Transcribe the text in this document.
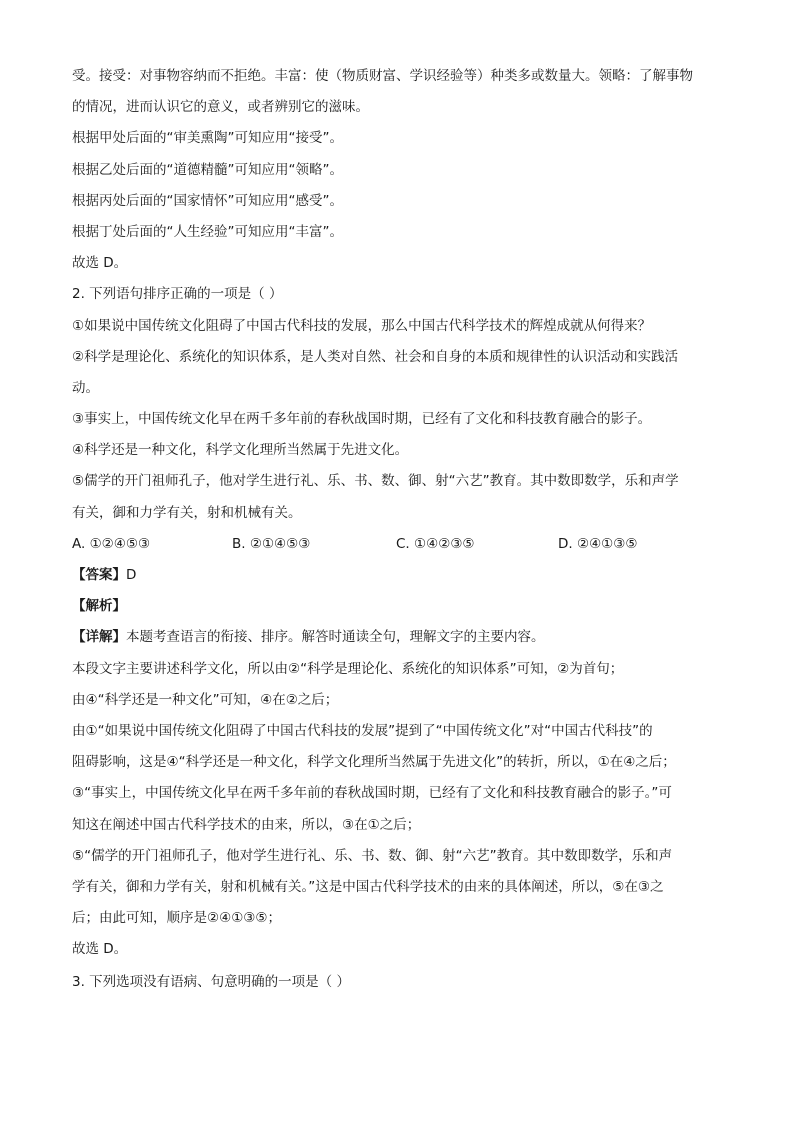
受。接受：对事物容纳而不拒绝。丰富：使（物质财富、学识经验等）种类多或数量大。领略：了解事物
的情况，进而认识它的意义，或者辨别它的滋味。
根据甲处后面的“审美熏陶”可知应用“接受”。
根据乙处后面的“道德精髓”可知应用“领略”。
根据丙处后面的“国家情怀”可知应用“感受”。
根据丁处后面的“人生经验”可知应用“丰富”。
故选 D。
2. 下列语句排序正确的一项是（ ）
①如果说中国传统文化阻碍了中国古代科技的发展，那么中国古代科学技术的辉煌成就从何得来？
②科学是理论化、系统化的知识体系，是人类对自然、社会和自身的本质和规律性的认识活动和实践活
动。
③事实上，中国传统文化早在两千多年前的春秋战国时期，已经有了文化和科技教育融合的影子。
④科学还是一种文化，科学文化理所当然属于先进文化。
⑤儒学的开门祖师孔子，他对学生进行礼、乐、书、数、御、射“六艺”教育。其中数即数学，乐和声学
有关，御和力学有关，射和机械有关。
A. ①②④⑤③	B. ②①④⑤③	C. ①④②③⑤	D. ②④①③⑤
【答案】D
【解析】
【详解】本题考查语言的衔接、排序。解答时通读全句，理解文字的主要内容。
本段文字主要讲述科学文化，所以由②“科学是理论化、系统化的知识体系”可知，②为首句；
由④“科学还是一种文化”可知，④在②之后；
由①“如果说中国传统文化阻碍了中国古代科技的发展”提到了“中国传统文化”对“中国古代科技”的
阻碍影响，这是④“科学还是一种文化，科学文化理所当然属于先进文化”的转折，所以，①在④之后；
③“事实上，中国传统文化早在两千多年前的春秋战国时期，已经有了文化和科技教育融合的影子。”可
知这在阐述中国古代科学技术的由来，所以，③在①之后；
⑤“儒学的开门祖师孔子，他对学生进行礼、乐、书、数、御、射“六艺”教育。其中数即数学，乐和声
学有关，御和力学有关，射和机械有关。”这是中国古代科学技术的由来的具体阐述，所以，⑤在③之
后；由此可知，顺序是②④①③⑤；
故选 D。
3. 下列选项没有语病、句意明确的一项是（ ）
